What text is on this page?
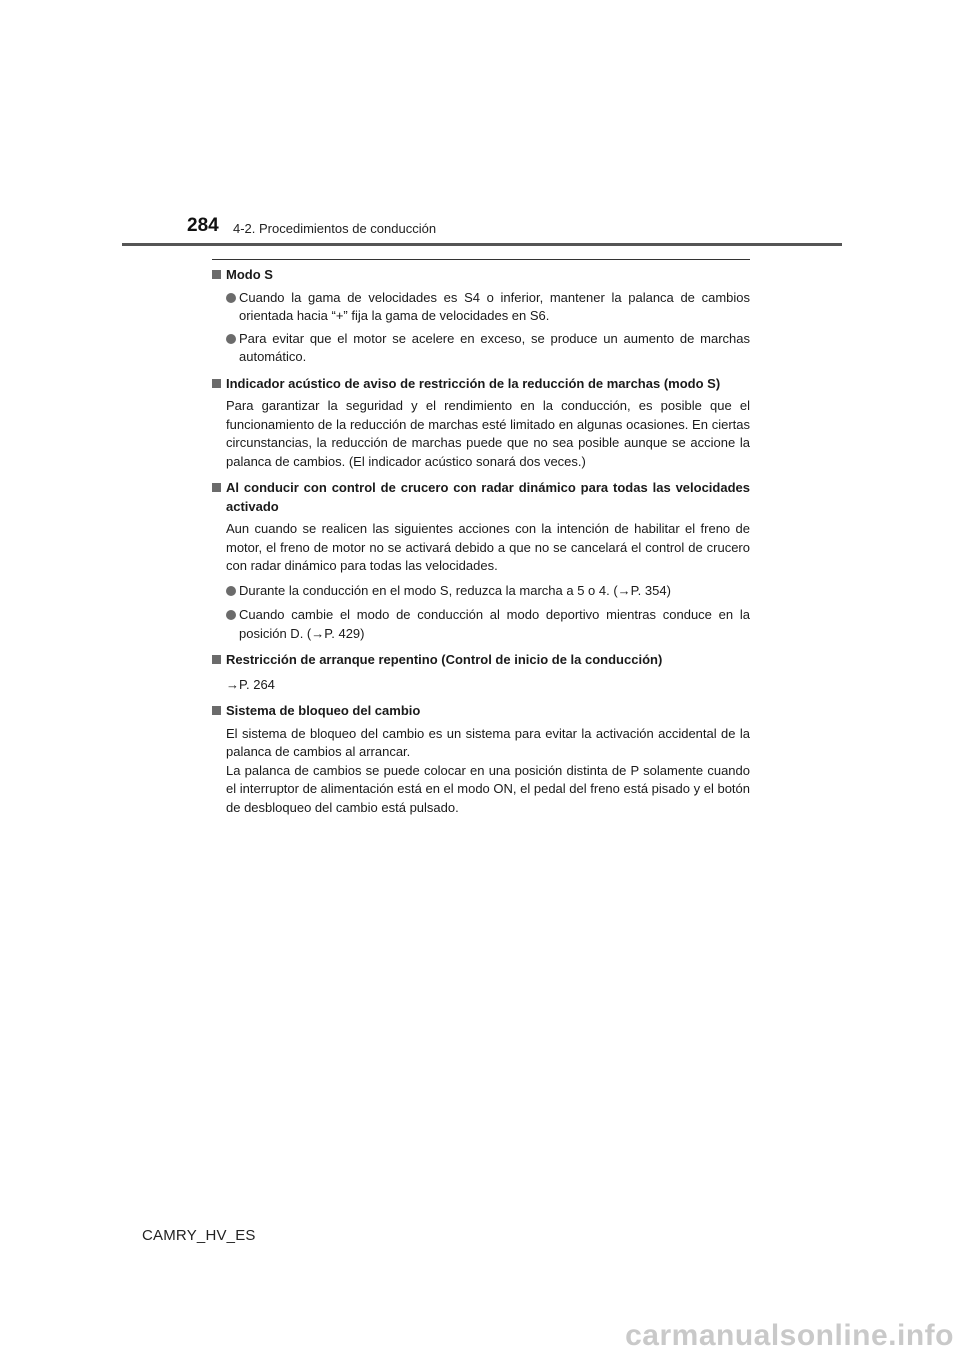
284 4-2. Procedimientos de conducción
Modo S
Cuando la gama de velocidades es S4 o inferior, mantener la palanca de cambios orientada hacia “+” fija la gama de velocidades en S6.
Para evitar que el motor se acelere en exceso, se produce un aumento de marchas automático.
Indicador acústico de aviso de restricción de la reducción de marchas (modo S)
Para garantizar la seguridad y el rendimiento en la conducción, es posible que el funcionamiento de la reducción de marchas esté limitado en algunas ocasiones. En ciertas circunstancias, la reducción de marchas puede que no sea posible aunque se accione la palanca de cambios. (El indicador acústico sonará dos veces.)
Al conducir con control de crucero con radar dinámico para todas las velocidades activado
Aun cuando se realicen las siguientes acciones con la intención de habilitar el freno de motor, el freno de motor no se activará debido a que no se cancelará el control de crucero con radar dinámico para todas las velocidades.
Durante la conducción en el modo S, reduzca la marcha a 5 o 4. (→P. 354)
Cuando cambie el modo de conducción al modo deportivo mientras conduce en la posición D. (→P. 429)
Restricción de arranque repentino (Control de inicio de la conducción)
→P. 264
Sistema de bloqueo del cambio
El sistema de bloqueo del cambio es un sistema para evitar la activación accidental de la palanca de cambios al arrancar.
La palanca de cambios se puede colocar en una posición distinta de P solamente cuando el interruptor de alimentación está en el modo ON, el pedal del freno está pisado y el botón de desbloqueo del cambio está pulsado.
CAMRY_HV_ES
carmanualsonline.info
